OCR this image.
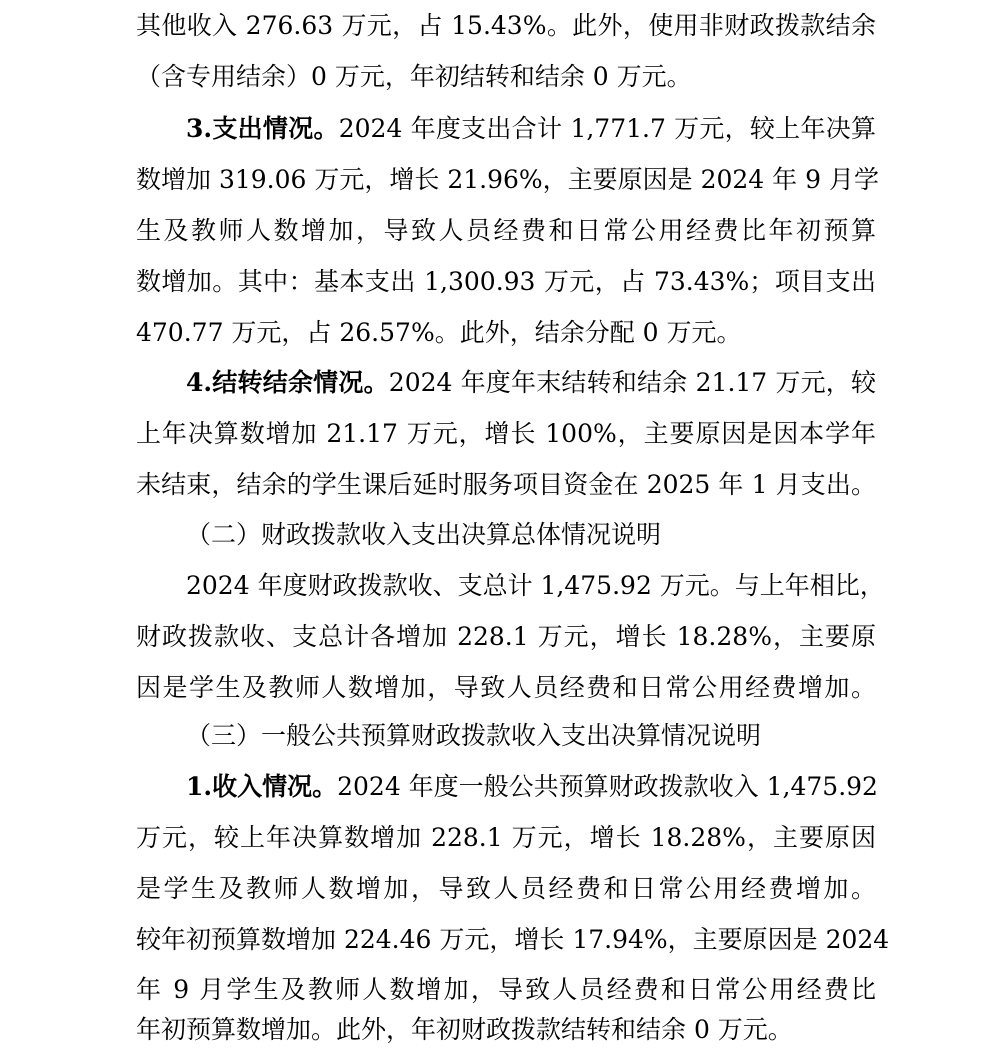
其他收入 276.63 万元，占 15.43%。此外，使用非财政拨款结余
（含专用结余）0 万元，年初结转和结余 0 万元。
3.支出情况。2024 年度支出合计 1,771.7 万元，较上年决算
数增加 319.06 万元，增长 21.96%，主要原因是 2024 年 9 月学
生及教师人数增加，导致人员经费和日常公用经费比年初预算
数增加。其中：基本支出 1,300.93 万元，占 73.43%；项目支出
470.77 万元，占 26.57%。此外，结余分配 0 万元。
4.结转结余情况。2024 年度年末结转和结余 21.17 万元，较
上年决算数增加 21.17 万元，增长 100%，主要原因是因本学年
未结束，结余的学生课后延时服务项目资金在 2025 年 1 月支出。
（二）财政拨款收入支出决算总体情况说明
2024 年度财政拨款收、支总计 1,475.92 万元。与上年相比，
财政拨款收、支总计各增加 228.1 万元，增长 18.28%，主要原
因是学生及教师人数增加，导致人员经费和日常公用经费增加。
（三）一般公共预算财政拨款收入支出决算情况说明
1.收入情况。2024 年度一般公共预算财政拨款收入 1,475.92
万元，较上年决算数增加 228.1 万元，增长 18.28%，主要原因
是学生及教师人数增加，导致人员经费和日常公用经费增加。
较年初预算数增加 224.46 万元，增长 17.94%，主要原因是 2024
年 9 月学生及教师人数增加，导致人员经费和日常公用经费比
年初预算数增加。此外，年初财政拨款结转和结余 0 万元。
